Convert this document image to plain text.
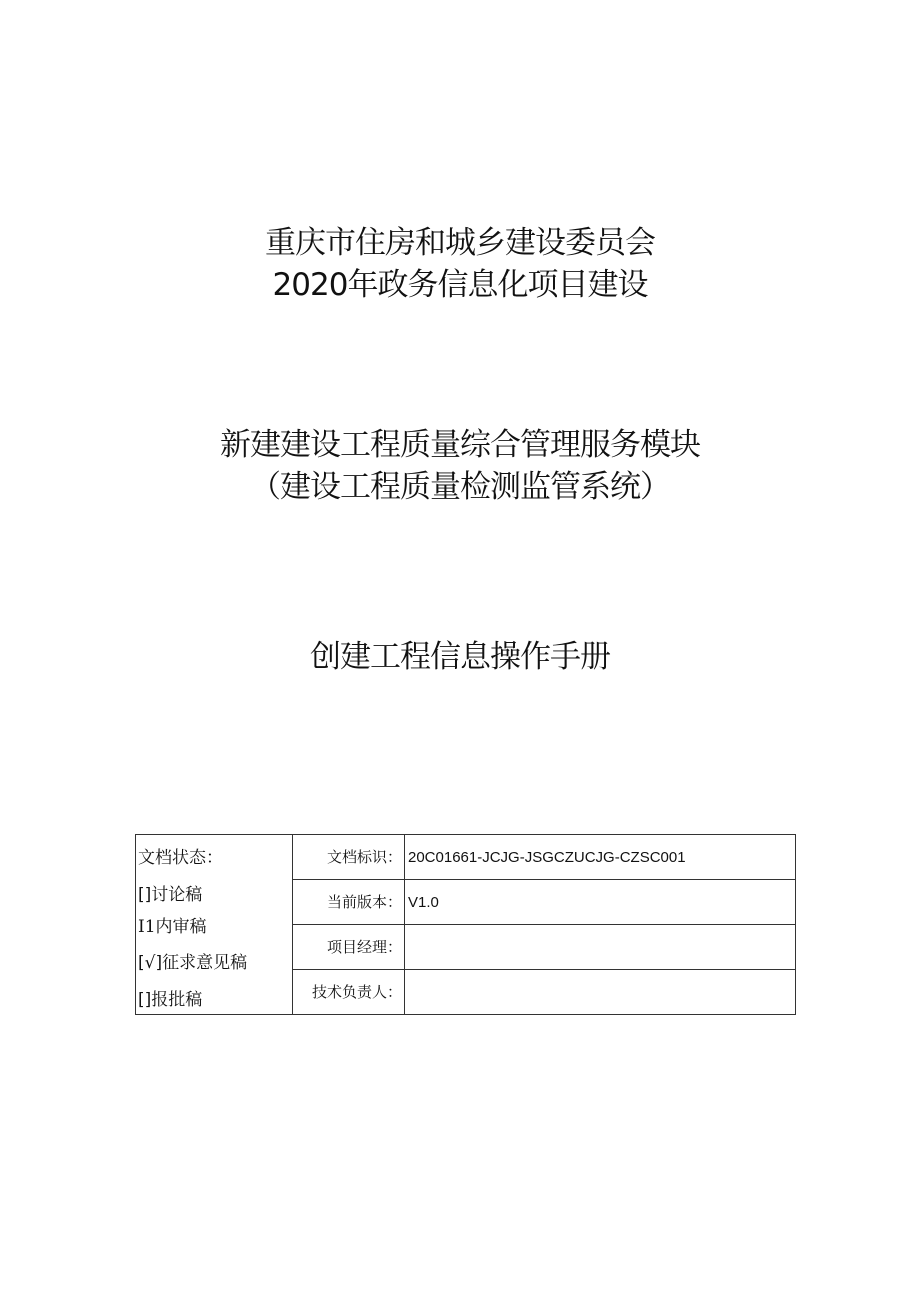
重庆市住房和城乡建设委员会
2020年政务信息化项目建设
新建建设工程质量综合管理服务模块
（建设工程质量检测监管系统）
创建工程信息操作手册
文档状态：
[]讨论稿
I1内审稿
[√]征求意见稿
[]报批稿
文档标识： 20C01661-JCJG-JSGCZUCJG-CZSC001
当前版本： V1.0
项目经理：
技术负责人：
